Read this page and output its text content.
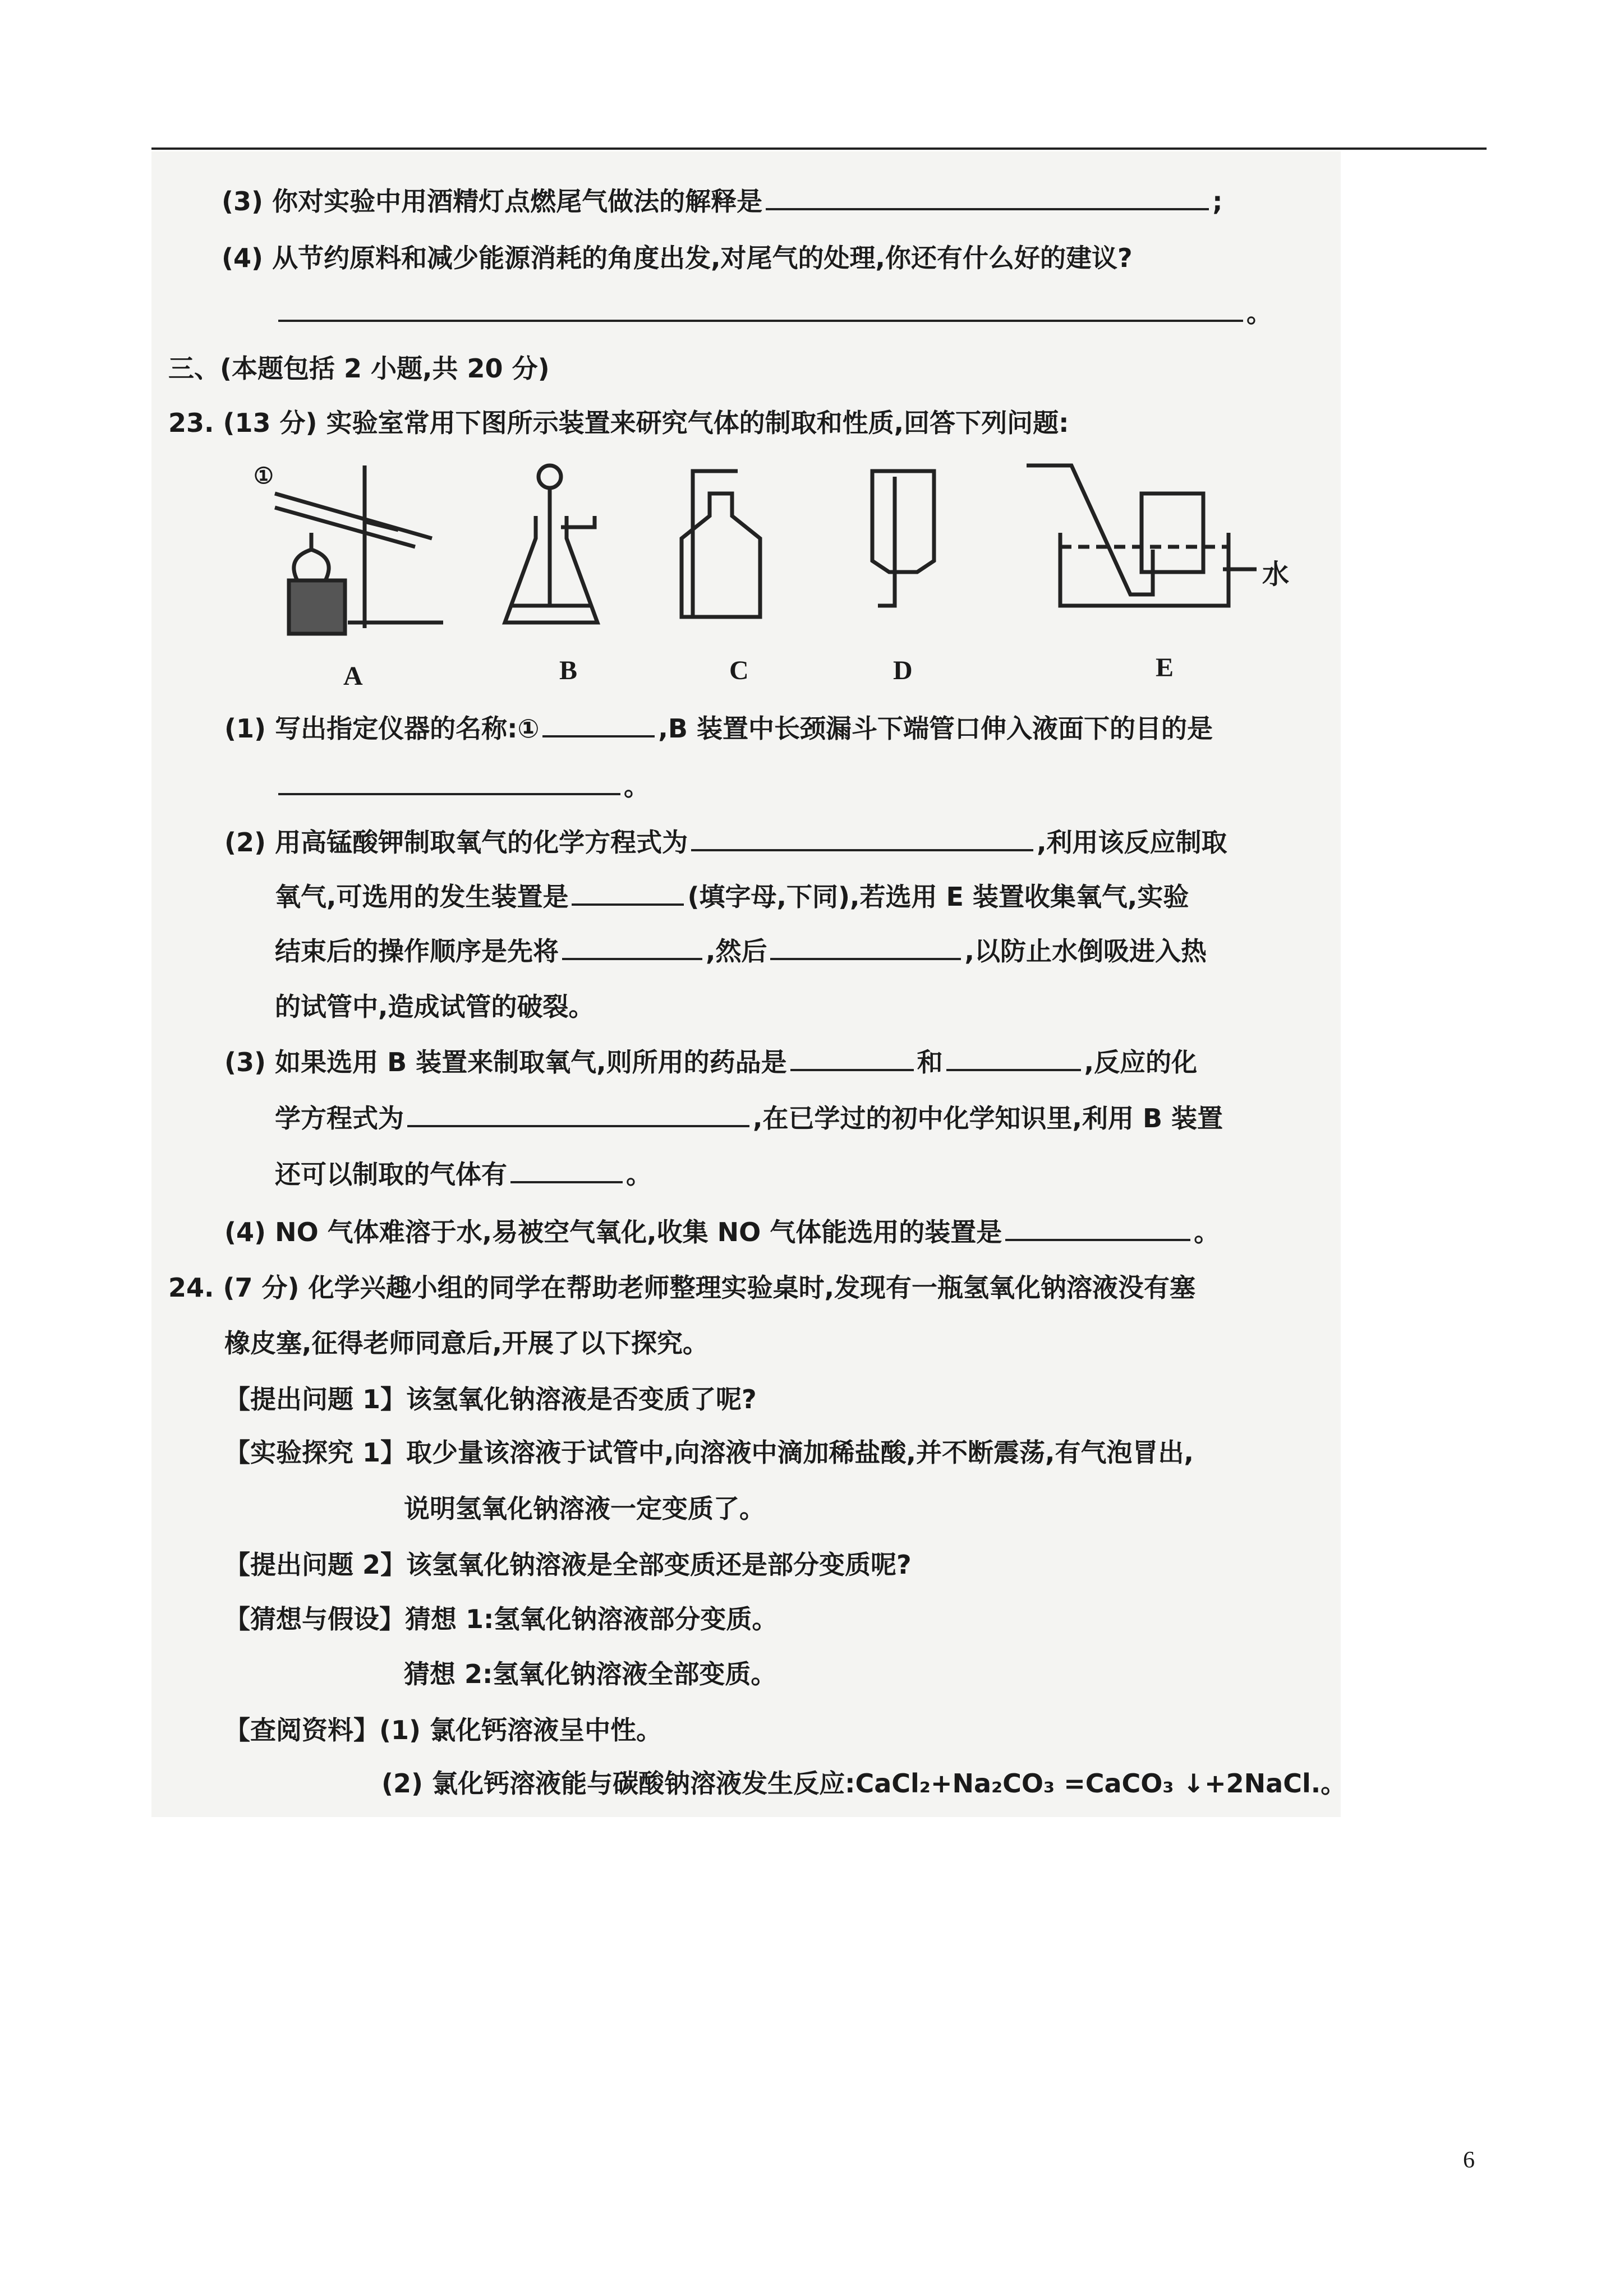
(3) 你对实验中用酒精灯点燃尾气做法的解释是	;
(4) 从节约原料和减少能源消耗的角度出发,对尾气的处理,你还有什么好的建议?
。
三、(本题包括 2 小题,共 20 分)
23. (13 分) 实验室常用下图所示装置来研究气体的制取和性质,回答下列问题:
①
水
A	B	C	D	E
(1) 写出指定仪器的名称:①	,B 装置中长颈漏斗下端管口伸入液面下的目的是
。
(2) 用高锰酸钾制取氧气的化学方程式为	,利用该反应制取
氧气,可选用的发生装置是	(填字母,下同),若选用 E 装置收集氧气,实验
结束后的操作顺序是先将	,然后	,以防止水倒吸进入热
的试管中,造成试管的破裂。
(3) 如果选用 B 装置来制取氧气,则所用的药品是	和	,反应的化
学方程式为	,在已学过的初中化学知识里,利用 B 装置
还可以制取的气体有	。
(4) NO 气体难溶于水,易被空气氧化,收集 NO 气体能选用的装置是	。
24. (7 分) 化学兴趣小组的同学在帮助老师整理实验桌时,发现有一瓶氢氧化钠溶液没有塞
橡皮塞,征得老师同意后,开展了以下探究。
【提出问题 1】该氢氧化钠溶液是否变质了呢?
【实验探究 1】取少量该溶液于试管中,向溶液中滴加稀盐酸,并不断震荡,有气泡冒出,
说明氢氧化钠溶液一定变质了。
【提出问题 2】该氢氧化钠溶液是全部变质还是部分变质呢?
【猜想与假设】猜想 1:氢氧化钠溶液部分变质。
猜想 2:氢氧化钠溶液全部变质。
【查阅资料】(1) 氯化钙溶液呈中性。
(2) 氯化钙溶液能与碳酸钠溶液发生反应:CaCl₂+Na₂CO₃ =CaCO₃ ↓+2NaCl.。
6
